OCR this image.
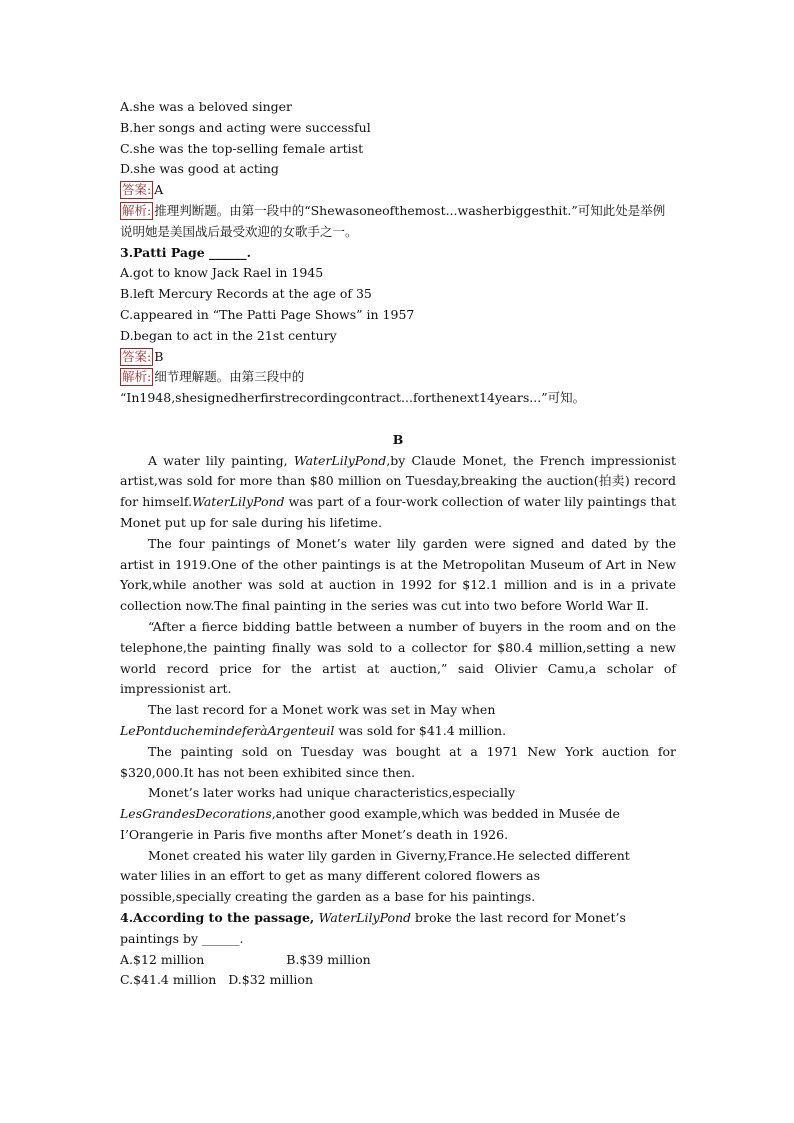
A.she was a beloved singer
B.her songs and acting were successful
C.she was the top-selling female artist
D.she was good at acting
答案: A
解析: 推理判断题。由第一段中的“Shewasoneofthemost...washerbiggesthit.”可知此处是举例说明她是美国战后最受欢迎的女歌手之一。
3.Patti Page ______.
A.got to know Jack Rael in 1945
B.left Mercury Records at the age of 35
C.appeared in “The Patti Page Shows” in 1957
D.began to act in the 21st century
答案: B
解析: 细节理解题。由第三段中的
“In1948,shesignedherfirstrecordingcontract...forthenext14years...”可知。
B
A water lily painting, WaterLilyPond,by Claude Monet, the French impressionist artist,was sold for more than $80 million on Tuesday,breaking the auction(拍卖) record for himself.WaterLilyPond was part of a four-work collection of water lily paintings that Monet put up for sale during his lifetime.
The four paintings of Monet’s water lily garden were signed and dated by the artist in 1919.One of the other paintings is at the Metropolitan Museum of Art in New York,while another was sold at auction in 1992 for $12.1 million and is in a private collection now.The final painting in the series was cut into two before World War Ⅱ.
“After a fierce bidding battle between a number of buyers in the room and on the telephone,the painting finally was sold to a collector for $80.4 million,setting a new world record price for the artist at auction,” said Olivier Camu,a scholar of impressionist art.
The last record for a Monet work was set in May when
LePontduchemindeferàArgenteuil was sold for $41.4 million.
The painting sold on Tuesday was bought at a 1971 New York auction for $320,000.It has not been exhibited since then.
Monet’s later works had unique characteristics,especially
LesGrandesDecorations,another good example,which was bedded in Musée de
I’Orangerie in Paris five months after Monet’s death in 1926.
Monet created his water lily garden in Giverny,France.He selected different
water lilies in an effort to get as many different colored flowers as
possible,specially creating the garden as a base for his paintings.
4.According to the passage, WaterLilyPond broke the last record for Monet’s
paintings by ______.
A.$12 million	B.$39 million
C.$41.4 million D.$32 million
